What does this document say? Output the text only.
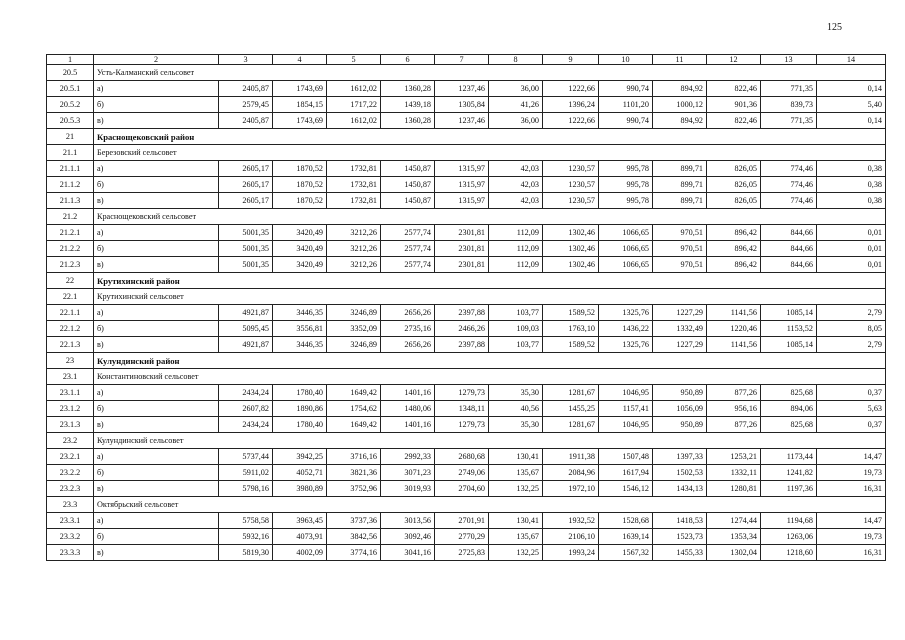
125
1	2	3	4	5	6	7	8	9	10	11	12	13	14
20.5	Усть-Калманский сельсовет												
20.5.1	а)	2405,87	1743,69	1612,02	1360,28	1237,46	36,00	1222,66	990,74	894,92	822,46	771,35	0,14
20.5.2	б)	2579,45	1854,15	1717,22	1439,18	1305,84	41,26	1396,24	1101,20	1000,12	901,36	839,73	5,40
20.5.3	в)	2405,87	1743,69	1612,02	1360,28	1237,46	36,00	1222,66	990,74	894,92	822,46	771,35	0,14
21	Краснощековский район												
21.1	Березовский сельсовет												
21.1.1	а)	2605,17	1870,52	1732,81	1450,87	1315,97	42,03	1230,57	995,78	899,71	826,05	774,46	0,38
21.1.2	б)	2605,17	1870,52	1732,81	1450,87	1315,97	42,03	1230,57	995,78	899,71	826,05	774,46	0,38
21.1.3	в)	2605,17	1870,52	1732,81	1450,87	1315,97	42,03	1230,57	995,78	899,71	826,05	774,46	0,38
21.2	Краснощековский сельсовет												
21.2.1	а)	5001,35	3420,49	3212,26	2577,74	2301,81	112,09	1302,46	1066,65	970,51	896,42	844,66	0,01
21.2.2	б)	5001,35	3420,49	3212,26	2577,74	2301,81	112,09	1302,46	1066,65	970,51	896,42	844,66	0,01
21.2.3	в)	5001,35	3420,49	3212,26	2577,74	2301,81	112,09	1302,46	1066,65	970,51	896,42	844,66	0,01
22	Крутихинский район												
22.1	Крутихинский сельсовет												
22.1.1	а)	4921,87	3446,35	3246,89	2656,26	2397,88	103,77	1589,52	1325,76	1227,29	1141,56	1085,14	2,79
22.1.2	б)	5095,45	3556,81	3352,09	2735,16	2466,26	109,03	1763,10	1436,22	1332,49	1220,46	1153,52	8,05
22.1.3	в)	4921,87	3446,35	3246,89	2656,26	2397,88	103,77	1589,52	1325,76	1227,29	1141,56	1085,14	2,79
23	Кулундинский район												
23.1	Константиновский сельсовет												
23.1.1	а)	2434,24	1780,40	1649,42	1401,16	1279,73	35,30	1281,67	1046,95	950,89	877,26	825,68	0,37
23.1.2	б)	2607,82	1890,86	1754,62	1480,06	1348,11	40,56	1455,25	1157,41	1056,09	956,16	894,06	5,63
23.1.3	в)	2434,24	1780,40	1649,42	1401,16	1279,73	35,30	1281,67	1046,95	950,89	877,26	825,68	0,37
23.2	Кулундинский сельсовет												
23.2.1	а)	5737,44	3942,25	3716,16	2992,33	2680,68	130,41	1911,38	1507,48	1397,33	1253,21	1173,44	14,47
23.2.2	б)	5911,02	4052,71	3821,36	3071,23	2749,06	135,67	2084,96	1617,94	1502,53	1332,11	1241,82	19,73
23.2.3	в)	5798,16	3980,89	3752,96	3019,93	2704,60	132,25	1972,10	1546,12	1434,13	1280,81	1197,36	16,31
23.3	Октябрьский сельсовет												
23.3.1	а)	5758,58	3963,45	3737,36	3013,56	2701,91	130,41	1932,52	1528,68	1418,53	1274,44	1194,68	14,47
23.3.2	б)	5932,16	4073,91	3842,56	3092,46	2770,29	135,67	2106,10	1639,14	1523,73	1353,34	1263,06	19,73
23.3.3	в)	5819,30	4002,09	3774,16	3041,16	2725,83	132,25	1993,24	1567,32	1455,33	1302,04	1218,60	16,31
